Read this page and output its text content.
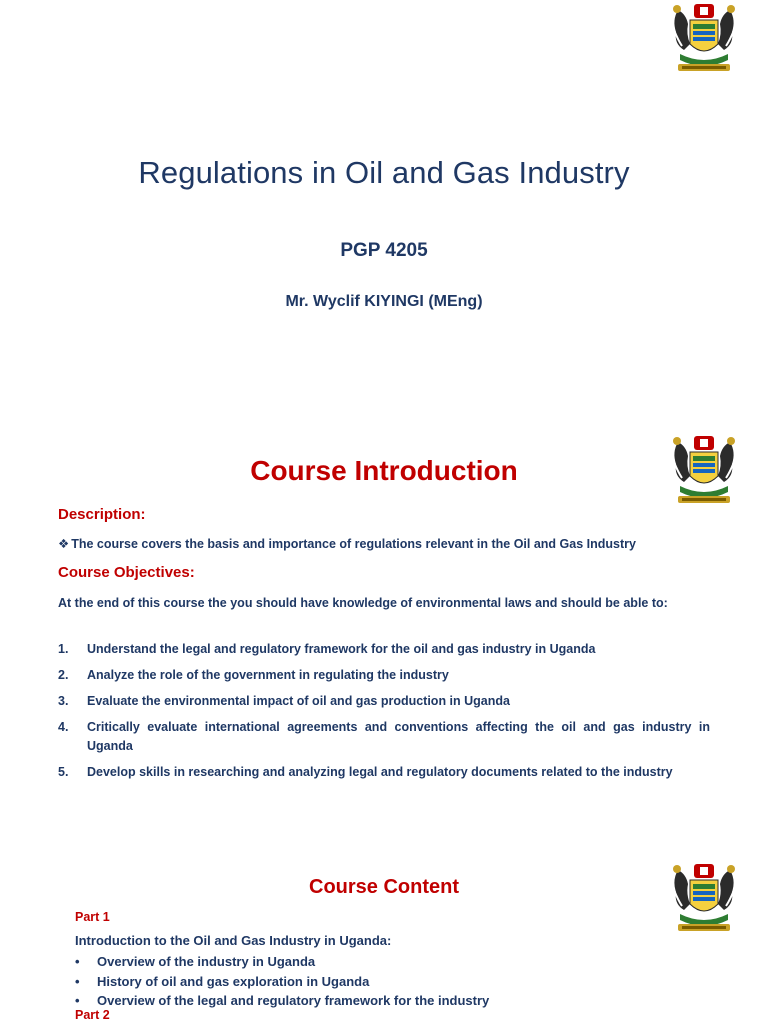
Regulations in Oil and Gas Industry
PGP 4205
Mr. Wyclif KIYINGI (MEng)
Course Introduction
Description:
❖ The course covers the basis and importance of regulations relevant in the Oil and Gas Industry
Course Objectives:
At the end of this course the you should have knowledge of environmental laws and should be able to:
1.	Understand the legal and regulatory framework for the oil and gas industry in Uganda
2.	Analyze the role of the government in regulating the industry
3.	Evaluate the environmental impact of oil and gas production in Uganda
4.	Critically evaluate international agreements and conventions affecting the oil and gas industry in Uganda
5.	Develop skills in researching and analyzing legal and regulatory documents related to the industry
Course Content
Part 1
Introduction to the Oil and Gas Industry in Uganda:
•	Overview of the industry in Uganda
•	History of oil and gas exploration in Uganda
•	Overview of the legal and regulatory framework for the industry
Part 2
